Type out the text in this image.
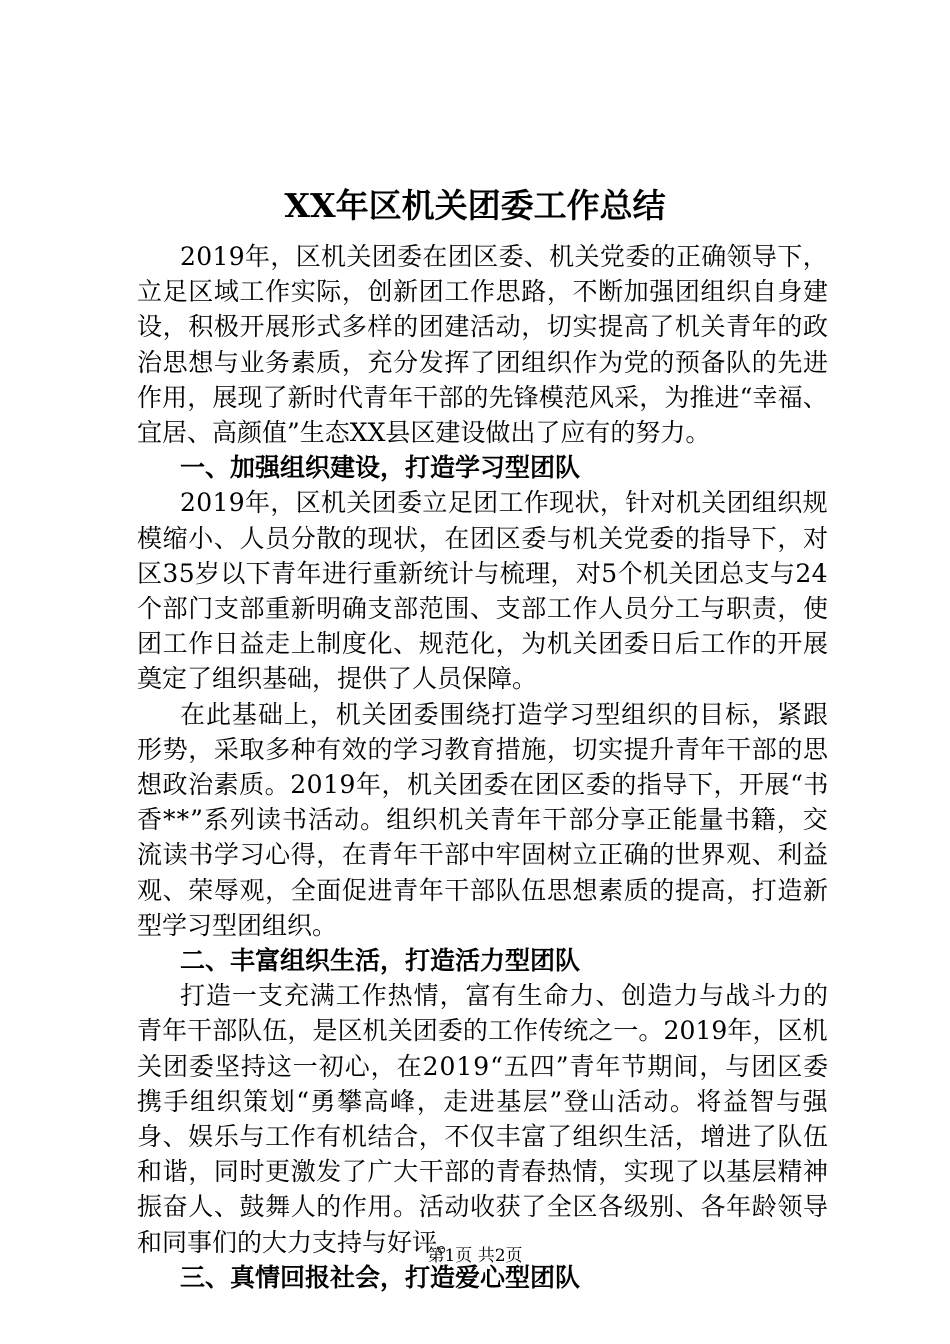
XX年区机关团委工作总结
2019年，区机关团委在团区委、机关党委的正确领导下，
立足区域工作实际，创新团工作思路，不断加强团组织自身建
设，积极开展形式多样的团建活动，切实提高了机关青年的政
治思想与业务素质，充分发挥了团组织作为党的预备队的先进
作用，展现了新时代青年干部的先锋模范风采，为推进“幸福、
宜居、高颜值”生态XX县区建设做出了应有的努力。
一、加强组织建设，打造学习型团队
2019年，区机关团委立足团工作现状，针对机关团组织规
模缩小、人员分散的现状，在团区委与机关党委的指导下，对
区35岁以下青年进行重新统计与梳理，对5个机关团总支与24
个部门支部重新明确支部范围、支部工作人员分工与职责，使
团工作日益走上制度化、规范化，为机关团委日后工作的开展
奠定了组织基础，提供了人员保障。
在此基础上，机关团委围绕打造学习型组织的目标，紧跟
形势，采取多种有效的学习教育措施，切实提升青年干部的思
想政治素质。2019年，机关团委在团区委的指导下，开展“书
香**”系列读书活动。组织机关青年干部分享正能量书籍，交
流读书学习心得，在青年干部中牢固树立正确的世界观、利益
观、荣辱观，全面促进青年干部队伍思想素质的提高，打造新
型学习型团组织。
二、丰富组织生活，打造活力型团队
打造一支充满工作热情，富有生命力、创造力与战斗力的
青年干部队伍，是区机关团委的工作传统之一。2019年，区机
关团委坚持这一初心，在2019“五四”青年节期间，与团区委
携手组织策划“勇攀高峰，走进基层”登山活动。将益智与强
身、娱乐与工作有机结合，不仅丰富了组织生活，增进了队伍
和谐，同时更激发了广大干部的青春热情，实现了以基层精神
振奋人、鼓舞人的作用。活动收获了全区各级别、各年龄领导
和同事们的大力支持与好评。
三、真情回报社会，打造爱心型团队
第1页 共2页
